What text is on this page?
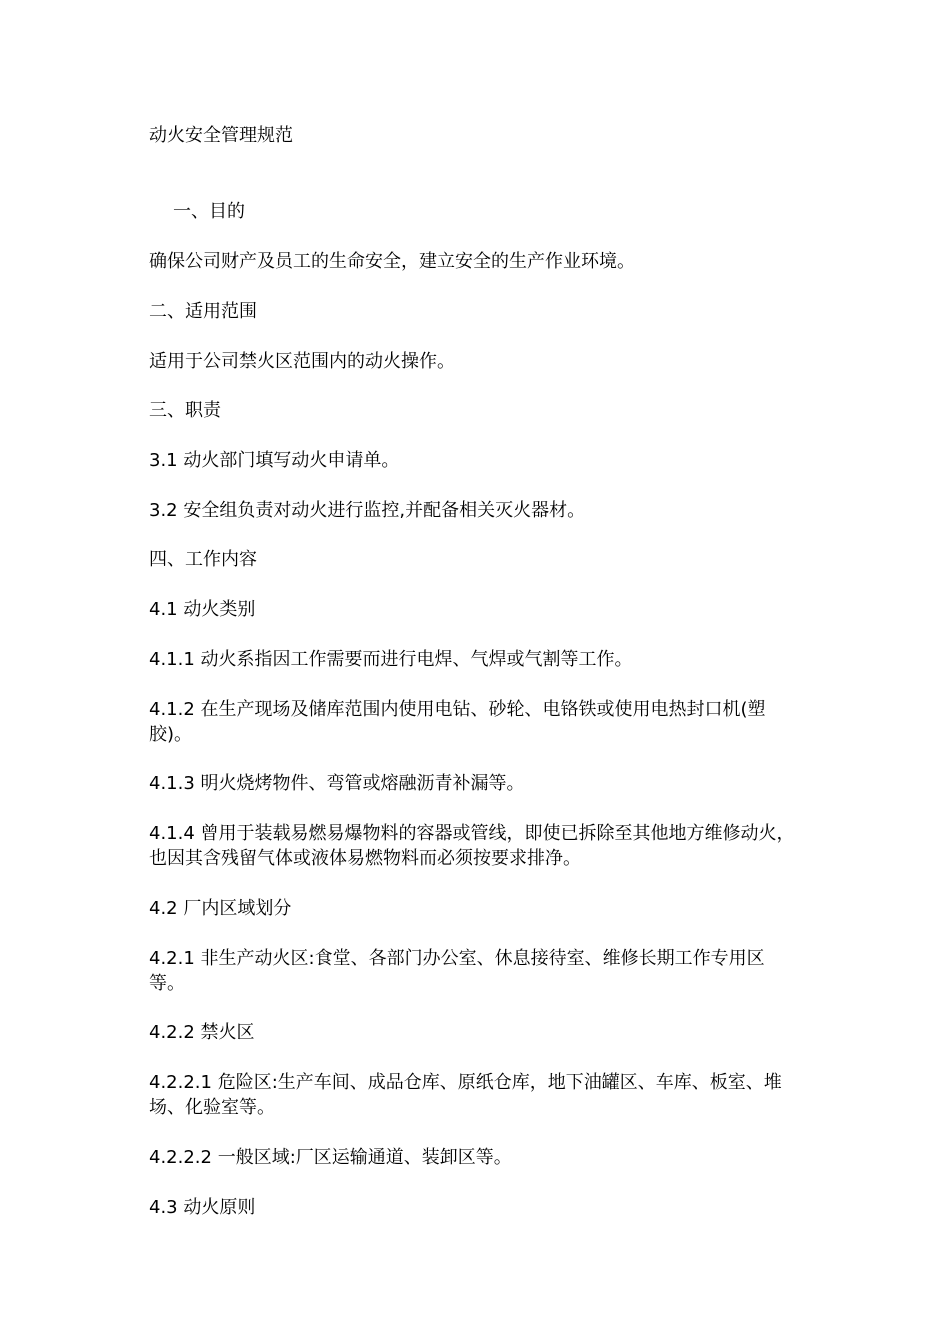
动火安全管理规范
一、目的
确保公司财产及员工的生命安全，建立安全的生产作业环境。
二、适用范围
适用于公司禁火区范围内的动火操作。
三、职责
3.1 动火部门填写动火申请单。
3.2 安全组负责对动火进行监控,并配备相关灭火器材。
四、工作内容
4.1 动火类别
4.1.1 动火系指因工作需要而进行电焊、气焊或气割等工作。
4.1.2 在生产现场及储库范围内使用电钻、砂轮、电铬铁或使用电热封口机(塑胶)。
4.1.3 明火烧烤物件、弯管或熔融沥青补漏等。
4.1.4 曾用于装载易燃易爆物料的容器或管线，即使已拆除至其他地方维修动火，也因其含残留气体或液体易燃物料而必须按要求排净。
4.2 厂内区域划分
4.2.1 非生产动火区:食堂、各部门办公室、休息接待室、维修长期工作专用区等。
4.2.2 禁火区
4.2.2.1 危险区:生产车间、成品仓库、原纸仓库，地下油罐区、车库、板室、堆 场、化验室等。
4.2.2.2 一般区域:厂区运输通道、装卸区等。
4.3 动火原则
